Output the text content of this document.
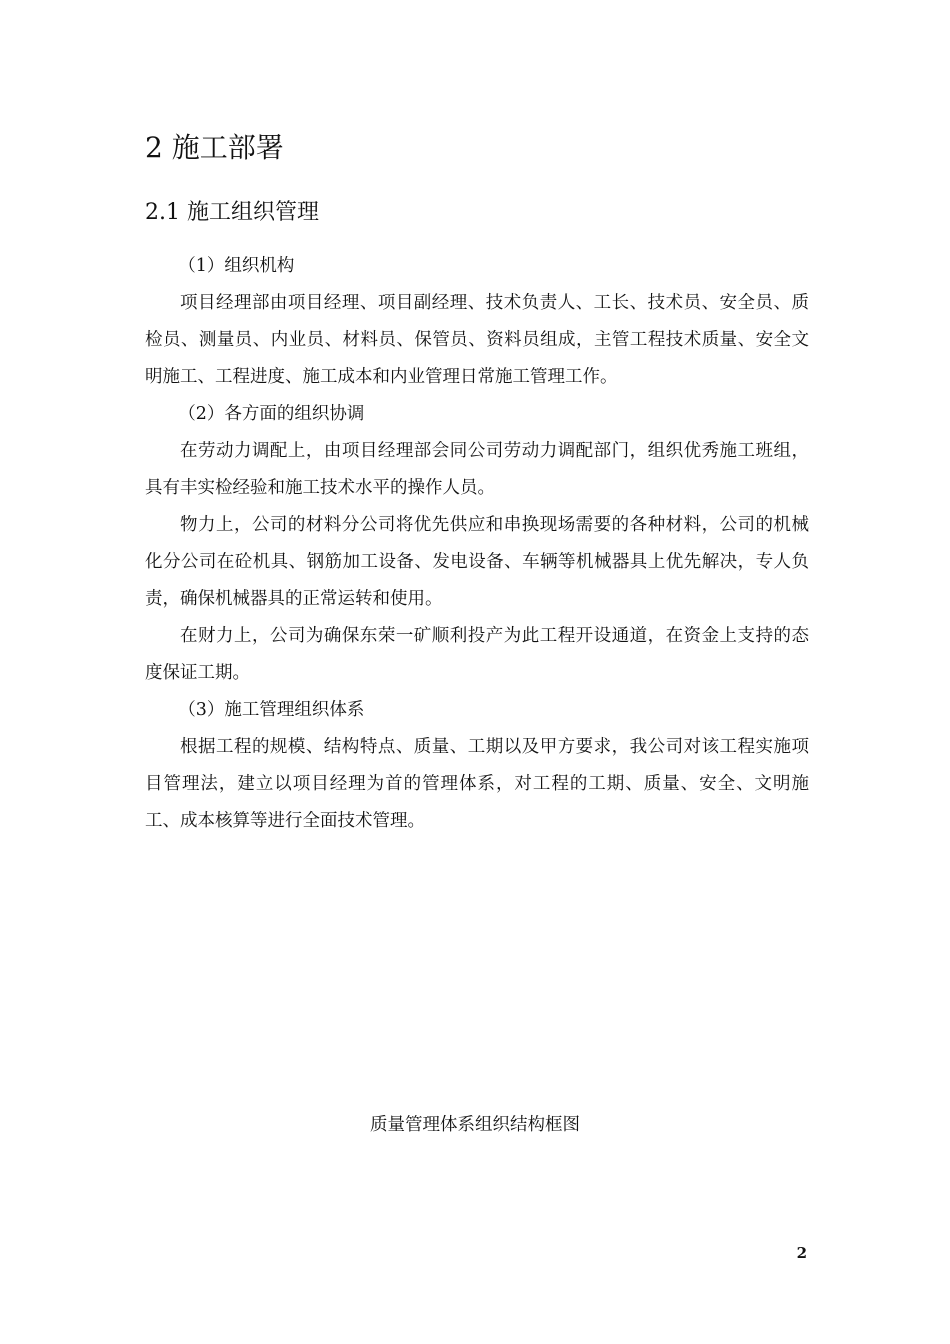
2 施工部署
2.1 施工组织管理

（1）组织机构

项目经理部由项目经理、项目副经理、技术负责人、工长、技术员、安全员、质检员、测量员、内业员、材料员、保管员、资料员组成，主管工程技术质量、安全文明施工、工程进度、施工成本和内业管理日常施工管理工作。

（2）各方面的组织协调

在劳动力调配上，由项目经理部会同公司劳动力调配部门，组织优秀施工班组，具有丰实检经验和施工技术水平的操作人员。

物力上，公司的材料分公司将优先供应和串换现场需要的各种材料，公司的机械化分公司在砼机具、钢筋加工设备、发电设备、车辆等机械器具上优先解决，专人负责，确保机械器具的正常运转和使用。

在财力上，公司为确保东荣一矿顺利投产为此工程开设通道，在资金上支持的态度保证工期。

（3）施工管理组织体系

根据工程的规模、结构特点、质量、工期以及甲方要求，我公司对该工程实施项目管理法，建立以项目经理为首的管理体系，对工程的工期、质量、安全、文明施工、成本核算等进行全面技术管理。

质量管理体系组织结构框图
2
